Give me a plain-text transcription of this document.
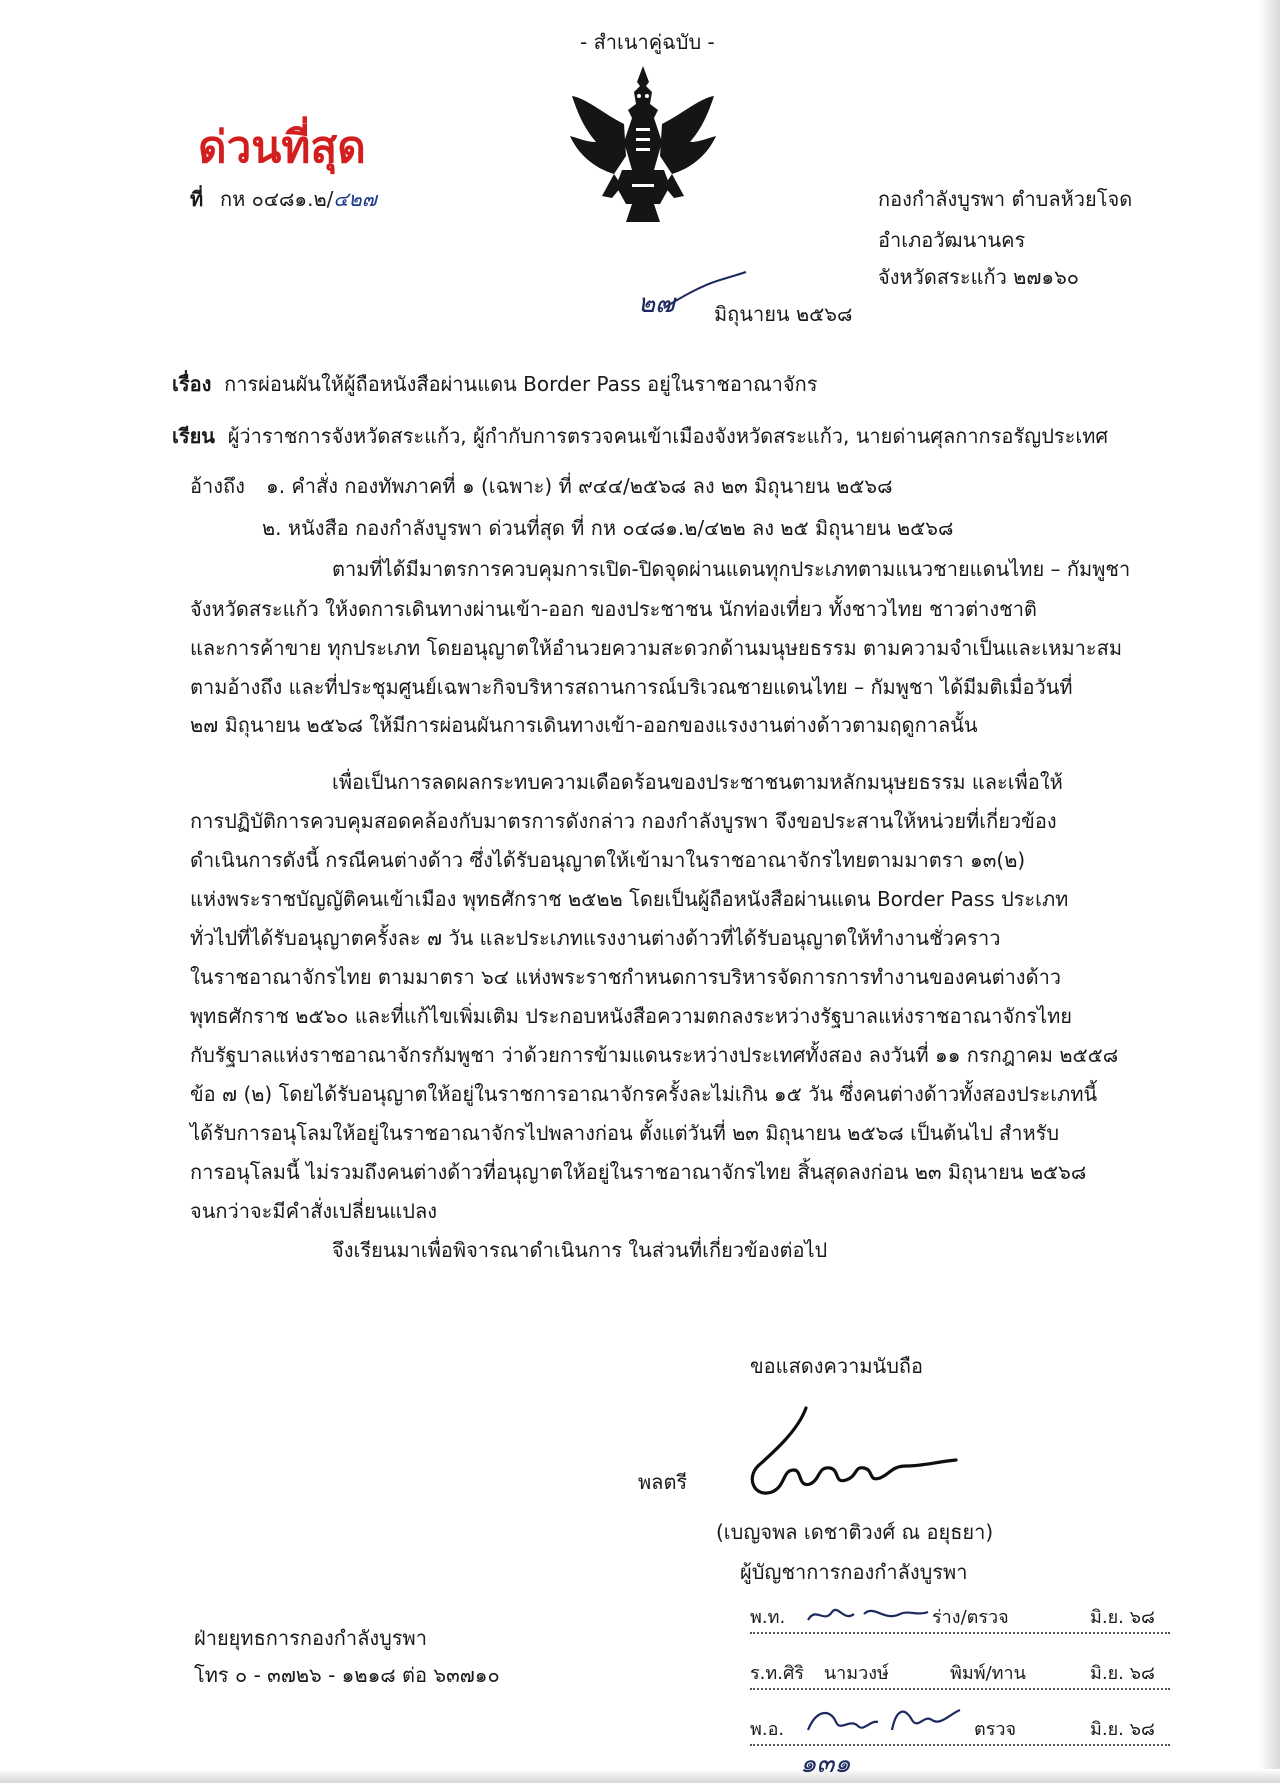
- สำเนาคู่ฉบับ -
ด่วนที่สุด
ที่ กห ๐๔๘๑.๒/๔๒๗	กองกำลังบูรพา ตำบลห้วยโจด
อำเภอวัฒนานคร
จังหวัดสระแก้ว ๒๗๑๖๐
๒๗ มิถุนายน ๒๕๖๘
เรื่อง การผ่อนผันให้ผู้ถือหนังสือผ่านแดน Border Pass อยู่ในราชอาณาจักร
เรียน ผู้ว่าราชการจังหวัดสระแก้ว, ผู้กำกับการตรวจคนเข้าเมืองจังหวัดสระแก้ว, นายด่านศุลกากรอรัญประเทศ
อ้างถึง ๑. คำสั่ง กองทัพภาคที่ ๑ (เฉพาะ) ที่ ๙๔๔/๒๕๖๘ ลง ๒๓ มิถุนายน ๒๕๖๘
๒. หนังสือ กองกำลังบูรพา ด่วนที่สุด ที่ กห ๐๔๘๑.๒/๔๒๒ ลง ๒๕ มิถุนายน ๒๕๖๘
ตามที่ได้มีมาตรการควบคุมการเปิด-ปิดจุดผ่านแดนทุกประเภทตามแนวชายแดนไทย – กัมพูชา
จังหวัดสระแก้ว ให้งดการเดินทางผ่านเข้า-ออก ของประชาชน นักท่องเที่ยว ทั้งชาวไทย ชาวต่างชาติ
และการค้าขาย ทุกประเภท โดยอนุญาตให้อำนวยความสะดวกด้านมนุษยธรรม ตามความจำเป็นและเหมาะสม
ตามอ้างถึง และที่ประชุมศูนย์เฉพาะกิจบริหารสถานการณ์บริเวณชายแดนไทย – กัมพูชา ได้มีมติเมื่อวันที่
๒๗ มิถุนายน ๒๕๖๘ ให้มีการผ่อนผันการเดินทางเข้า-ออกของแรงงานต่างด้าวตามฤดูกาลนั้น
เพื่อเป็นการลดผลกระทบความเดือดร้อนของประชาชนตามหลักมนุษยธรรม และเพื่อให้
การปฏิบัติการควบคุมสอดคล้องกับมาตรการดังกล่าว กองกำลังบูรพา จึงขอประสานให้หน่วยที่เกี่ยวข้อง
ดำเนินการดังนี้ กรณีคนต่างด้าว ซึ่งได้รับอนุญาตให้เข้ามาในราชอาณาจักรไทยตามมาตรา ๑๓(๒)
แห่งพระราชบัญญัติคนเข้าเมือง พุทธศักราช ๒๕๒๒ โดยเป็นผู้ถือหนังสือผ่านแดน Border Pass ประเภท
ทั่วไปที่ได้รับอนุญาตครั้งละ ๗ วัน และประเภทแรงงานต่างด้าวที่ได้รับอนุญาตให้ทำงานชั่วคราว
ในราชอาณาจักรไทย ตามมาตรา ๖๔ แห่งพระราชกำหนดการบริหารจัดการการทำงานของคนต่างด้าว
พุทธศักราช ๒๕๖๐ และที่แก้ไขเพิ่มเติม ประกอบหนังสือความตกลงระหว่างรัฐบาลแห่งราชอาณาจักรไทย
กับรัฐบาลแห่งราชอาณาจักรกัมพูชา ว่าด้วยการข้ามแดนระหว่างประเทศทั้งสอง ลงวันที่ ๑๑ กรกฎาคม ๒๕๕๘
ข้อ ๗ (๒) โดยได้รับอนุญาตให้อยู่ในราชการอาณาจักรครั้งละไม่เกิน ๑๕ วัน ซึ่งคนต่างด้าวทั้งสองประเภทนี้
ได้รับการอนุโลมให้อยู่ในราชอาณาจักรไปพลางก่อน ตั้งแต่วันที่ ๒๓ มิถุนายน ๒๕๖๘ เป็นต้นไป สำหรับ
การอนุโลมนี้ ไม่รวมถึงคนต่างด้าวที่อนุญาตให้อยู่ในราชอาณาจักรไทย สิ้นสุดลงก่อน ๒๓ มิถุนายน ๒๕๖๘
จนกว่าจะมีคำสั่งเปลี่ยนแปลง
จึงเรียนมาเพื่อพิจารณาดำเนินการ ในส่วนที่เกี่ยวข้องต่อไป
ขอแสดงความนับถือ
พลตรี
(เบญจพล เดชาติวงศ์ ณ อยุธยา)
ผู้บัญชาการกองกำลังบูรพา
ฝ่ายยุทธการกองกำลังบูรพา
โทร ๐ - ๓๗๒๖ - ๑๒๑๘ ต่อ ๖๓๗๑๐
พ.ท.	ร่าง/ตรวจ	มิ.ย. ๖๘
ร.ท.ศิริ นามวงษ์	พิมพ์/ทาน	มิ.ย. ๖๘
พ.อ.	ตรวจ	มิ.ย. ๖๘
๑๓๑
